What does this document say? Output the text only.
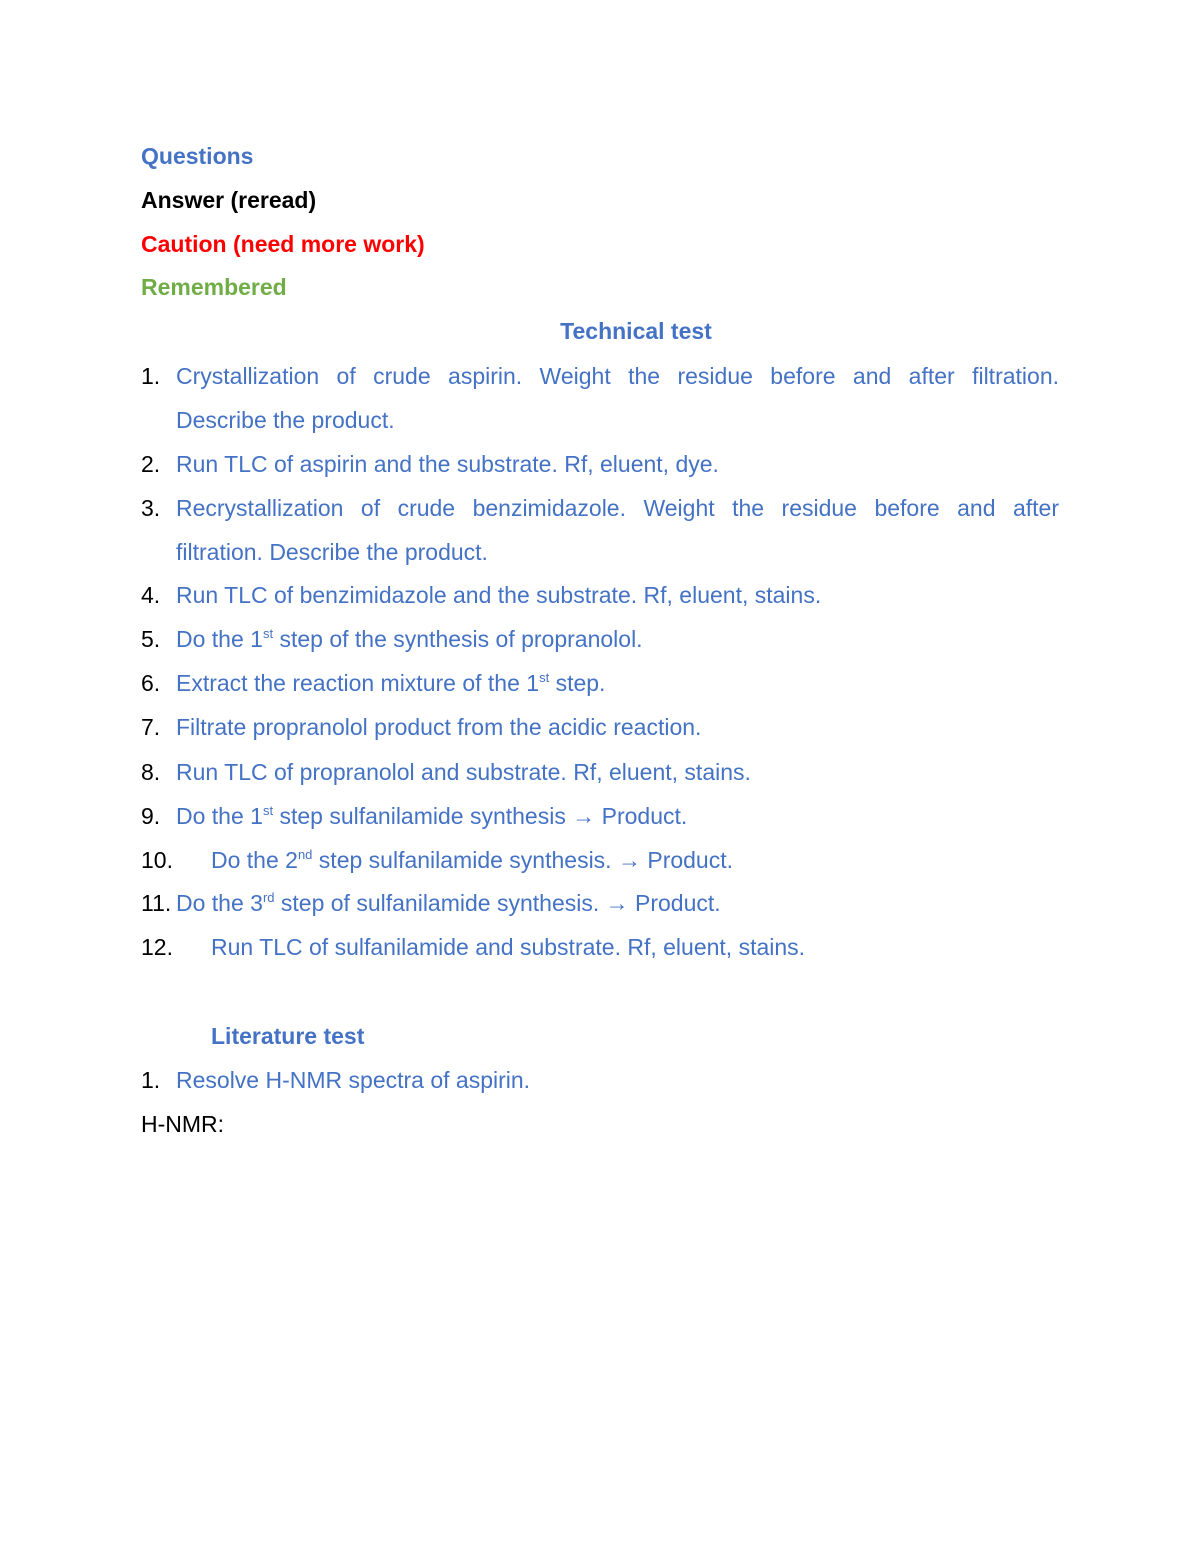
Questions
Answer (reread)
Caution (need more work)
Remembered
Technical test
1. Crystallization of crude aspirin. Weight the residue before and after filtration.
Describe the product.
2. Run TLC of aspirin and the substrate. Rf, eluent, dye.
3. Recrystallization of crude benzimidazole. Weight the residue before and after
filtration. Describe the product.
4. Run TLC of benzimidazole and the substrate. Rf, eluent, stains.
5. Do the 1st step of the synthesis of propranolol.
6. Extract the reaction mixture of the 1st step.
7. Filtrate propranolol product from the acidic reaction.
8. Run TLC of propranolol and substrate. Rf, eluent, stains.
9. Do the 1st step sulfanilamide synthesis → Product.
10. Do the 2nd step sulfanilamide synthesis. → Product.
11. Do the 3rd step of sulfanilamide synthesis. → Product.
12. Run TLC of sulfanilamide and substrate. Rf, eluent, stains.
Literature test
1. Resolve H-NMR spectra of aspirin.
H-NMR:
